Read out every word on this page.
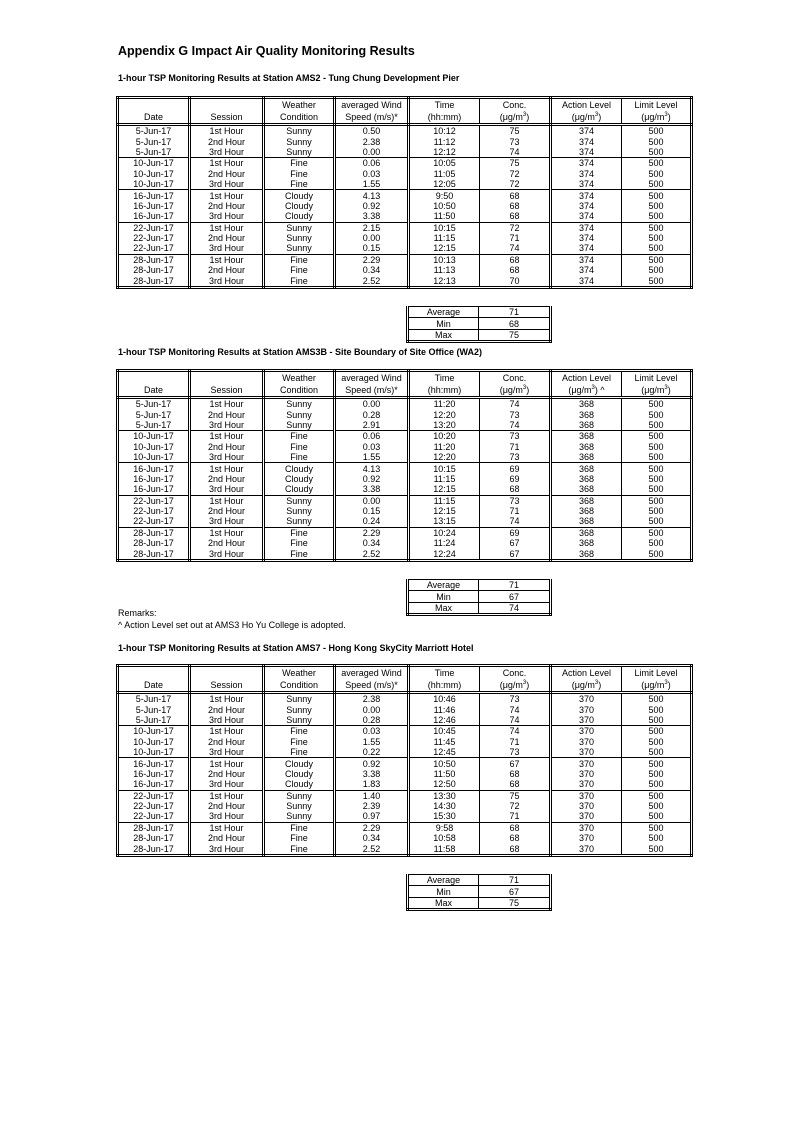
Appendix G Impact Air Quality Monitoring Results

1-hour TSP Monitoring Results at Station AMS2 - Tung Chung Development Pier

		Weather	averaged Wind	Time	Conc.	Action Level	Limit Level
Date	Session	Condition	Speed (m/s)*	(hh:mm)	$(\mu g/m^3)$	$(\mu g/m^3)$	$(\mu g/m^3)$
5-Jun-17	1st Hour	Sunny	0.50	10:12	75	374	500
5-Jun-17	2nd Hour	Sunny	2.38	11:12	73	374	500
5-Jun-17	3rd Hour	Sunny	0.00	12:12	74	374	500
10-Jun-17	1st Hour	Fine	0.06	10:05	75	374	500
10-Jun-17	2nd Hour	Fine	0.03	11:05	72	374	500
10-Jun-17	3rd Hour	Fine	1.55	12:05	72	374	500
16-Jun-17	1st Hour	Cloudy	4.13	9:50	68	374	500
16-Jun-17	2nd Hour	Cloudy	0.92	10:50	68	374	500
16-Jun-17	3rd Hour	Cloudy	3.38	11:50	68	374	500
22-Jun-17	1st Hour	Sunny	2.15	10:15	72	374	500
22-Jun-17	2nd Hour	Sunny	0.00	11:15	71	374	500
22-Jun-17	3rd Hour	Sunny	0.15	12:15	74	374	500
28-Jun-17	1st Hour	Fine	2.29	10:13	68	374	500
28-Jun-17	2nd Hour	Fine	0.34	11:13	68	374	500
28-Jun-17	3rd Hour	Fine	2.52	12:13	70	374	500
Average	71
Min	68
Max	75

1-hour TSP Monitoring Results at Station AMS3B - Site Boundary of Site Office (WA2)

		Weather	averaged Wind	Time	Conc.	Action Level	Limit Level
Date	Session	Condition	Speed (m/s)*	(hh:mm)	$(\mu g/m^3)$	$(\mu g/m^3)$ ^	$(\mu g/m^3)$
5-Jun-17	1st Hour	Sunny	0.00	11:20	74	368	500
5-Jun-17	2nd Hour	Sunny	0.28	12:20	73	368	500
5-Jun-17	3rd Hour	Sunny	2.91	13:20	74	368	500
10-Jun-17	1st Hour	Fine	0.06	10:20	73	368	500
10-Jun-17	2nd Hour	Fine	0.03	11:20	71	368	500
10-Jun-17	3rd Hour	Fine	1.55	12:20	73	368	500
16-Jun-17	1st Hour	Cloudy	4.13	10:15	69	368	500
16-Jun-17	2nd Hour	Cloudy	0.92	11:15	69	368	500
16-Jun-17	3rd Hour	Cloudy	3.38	12:15	68	368	500
22-Jun-17	1st Hour	Sunny	0.00	11:15	73	368	500
22-Jun-17	2nd Hour	Sunny	0.15	12:15	71	368	500
22-Jun-17	3rd Hour	Sunny	0.24	13:15	74	368	500
28-Jun-17	1st Hour	Fine	2.29	10:24	69	368	500
28-Jun-17	2nd Hour	Fine	0.34	11:24	67	368	500
28-Jun-17	3rd Hour	Fine	2.52	12:24	67	368	500
Average	71
Min	67
Max	74

1-hour TSP Monitoring Results at Station AMS7 - Hong Kong SkyCity Marriott Hotel

		Weather	averaged Wind	Time	Conc.	Action Level	Limit Level
Date	Session	Condition	Speed (m/s)*	(hh:mm)	$(\mu g/m^3)$	$(\mu g/m^3)$	$(\mu g/m^3)$
5-Jun-17	1st Hour	Sunny	2.38	10:46	73	370	500
5-Jun-17	2nd Hour	Sunny	0.00	11:46	74	370	500
5-Jun-17	3rd Hour	Sunny	0.28	12:46	74	370	500
10-Jun-17	1st Hour	Fine	0.03	10:45	74	370	500
10-Jun-17	2nd Hour	Fine	1.55	11:45	71	370	500
10-Jun-17	3rd Hour	Fine	0.22	12:45	73	370	500
16-Jun-17	1st Hour	Cloudy	0.92	10:50	67	370	500
16-Jun-17	2nd Hour	Cloudy	3.38	11:50	68	370	500
16-Jun-17	3rd Hour	Cloudy	1.83	12:50	68	370	500
22-Jun-17	1st Hour	Sunny	1.40	13:30	75	370	500
22-Jun-17	2nd Hour	Sunny	2.39	14:30	72	370	500
22-Jun-17	3rd Hour	Sunny	0.97	15:30	71	370	500
28-Jun-17	1st Hour	Fine	2.29	9:58	68	370	500
28-Jun-17	2nd Hour	Fine	0.34	10:58	68	370	500
28-Jun-17	3rd Hour	Fine	2.52	11:58	68	370	500
Average	71
Min	67
Max	75
Remarks:
^ Action Level set out at AMS3 Ho Yu College is adopted.
